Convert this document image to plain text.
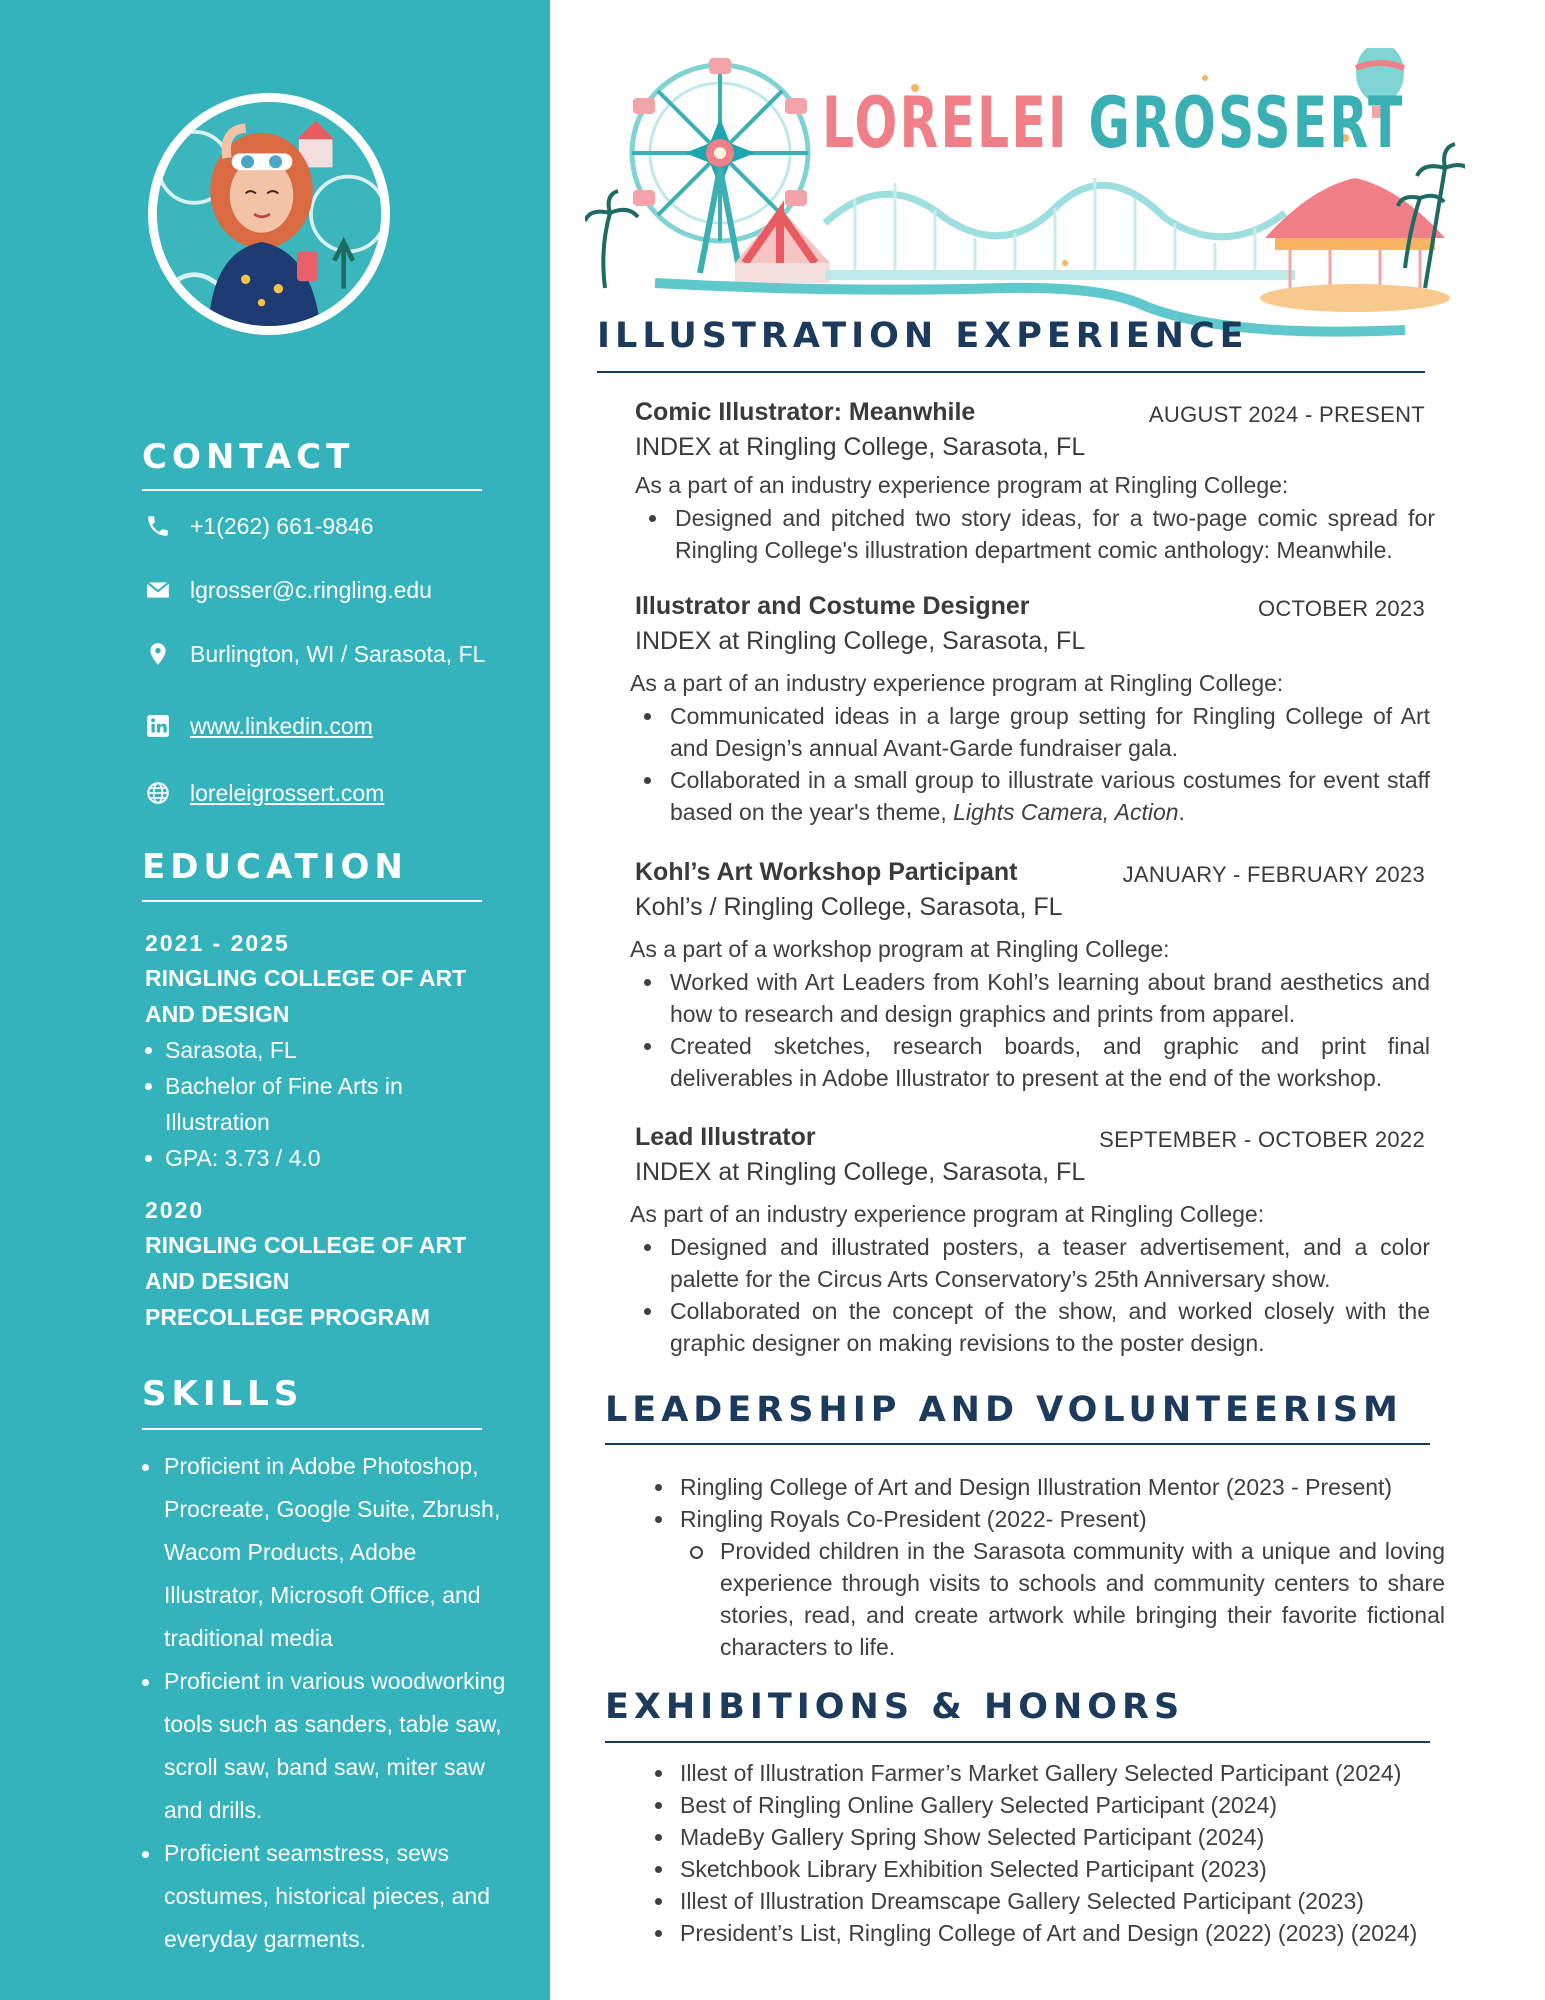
CONTACT
+1(262) 661-9846
lgrosser@c.ringling.edu
Burlington, WI / Sarasota, FL
www.linkedin.com
loreleigrossert.com
EDUCATION
2021 - 2025
RINGLING COLLEGE OF ART
AND DESIGN
Sarasota, FL
Bachelor of Fine Arts in Illustration
GPA: 3.73 / 4.0
2020
RINGLING COLLEGE OF ART
AND DESIGN
PRECOLLEGE PROGRAM
SKILLS
Proficient in Adobe Photoshop, Procreate, Google Suite, Zbrush, Wacom Products, Adobe Illustrator, Microsoft Office, and traditional media
Proficient in various woodworking tools such as sanders, table saw, scroll saw, band saw, miter saw and drills.
Proficient seamstress, sews costumes, historical pieces, and everyday garments.
LORELEI GROSSERT
ILLUSTRATION EXPERIENCE
Comic Illustrator: Meanwhile	AUGUST 2024 - PRESENT
INDEX at Ringling College, Sarasota, FL
As a part of an industry experience program at Ringling College:
Designed and pitched two story ideas, for a two-page comic spread for Ringling College's illustration department comic anthology: Meanwhile.
Illustrator and Costume Designer	OCTOBER 2023
INDEX at Ringling College, Sarasota, FL
As a part of an industry experience program at Ringling College:
Communicated ideas in a large group setting for Ringling College of Art and Design’s annual Avant-Garde fundraiser gala.
Collaborated in a small group to illustrate various costumes for event staff based on the year's theme, Lights Camera, Action.
Kohl’s Art Workshop Participant	JANUARY - FEBRUARY 2023
Kohl’s / Ringling College, Sarasota, FL
As a part of a workshop program at Ringling College:
Worked with Art Leaders from Kohl’s learning about brand aesthetics and how to research and design graphics and prints from apparel.
Created sketches, research boards, and graphic and print final deliverables in Adobe Illustrator to present at the end of the workshop.
Lead Illustrator	SEPTEMBER - OCTOBER 2022
INDEX at Ringling College, Sarasota, FL
As part of an industry experience program at Ringling College:
Designed and illustrated posters, a teaser advertisement, and a color palette for the Circus Arts Conservatory’s 25th Anniversary show.
Collaborated on the concept of the show, and worked closely with the graphic designer on making revisions to the poster design.
LEADERSHIP AND VOLUNTEERISM
Ringling College of Art and Design Illustration Mentor (2023 - Present)
Ringling Royals Co-President (2022- Present)
Provided children in the Sarasota community with a unique and loving experience through visits to schools and community centers to share stories, read, and create artwork while bringing their favorite fictional characters to life.
EXHIBITIONS & HONORS
Illest of Illustration Farmer’s Market Gallery Selected Participant (2024)
Best of Ringling Online Gallery Selected Participant (2024)
MadeBy Gallery Spring Show Selected Participant (2024)
Sketchbook Library Exhibition Selected Participant (2023)
Illest of Illustration Dreamscape Gallery Selected Participant (2023)
President’s List, Ringling College of Art and Design (2022) (2023) (2024)
